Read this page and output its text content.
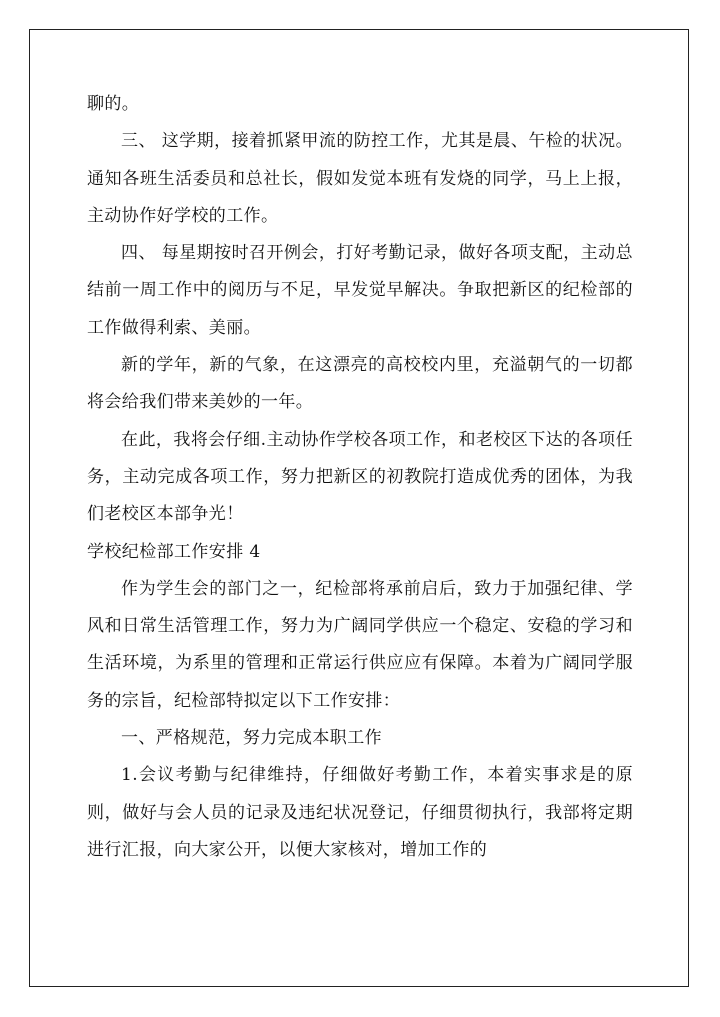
聊的。

三、 这学期，接着抓紧甲流的防控工作，尤其是晨、午检的状况。通知各班生活委员和总社长，假如发觉本班有发烧的同学，马上上报，主动协作好学校的工作。

四、 每星期按时召开例会，打好考勤记录，做好各项支配，主动总结前一周工作中的阅历与不足，早发觉早解决。争取把新区的纪检部的工作做得利索、美丽。

新的学年，新的气象，在这漂亮的高校校内里，充溢朝气的一切都将会给我们带来美妙的一年。

在此，我将会仔细.主动协作学校各项工作，和老校区下达的各项任务，主动完成各项工作，努力把新区的初教院打造成优秀的团体，为我们老校区本部争光！

学校纪检部工作安排 4

作为学生会的部门之一，纪检部将承前启后，致力于加强纪律、学风和日常生活管理工作，努力为广阔同学供应一个稳定、安稳的学习和生活环境，为系里的管理和正常运行供应应有保障。本着为广阔同学服务的宗旨，纪检部特拟定以下工作安排：

一、严格规范，努力完成本职工作

1.会议考勤与纪律维持，仔细做好考勤工作，本着实事求是的原则，做好与会人员的记录及违纪状况登记，仔细贯彻执行，我部将定期进行汇报，向大家公开，以便大家核对，增加工作的
